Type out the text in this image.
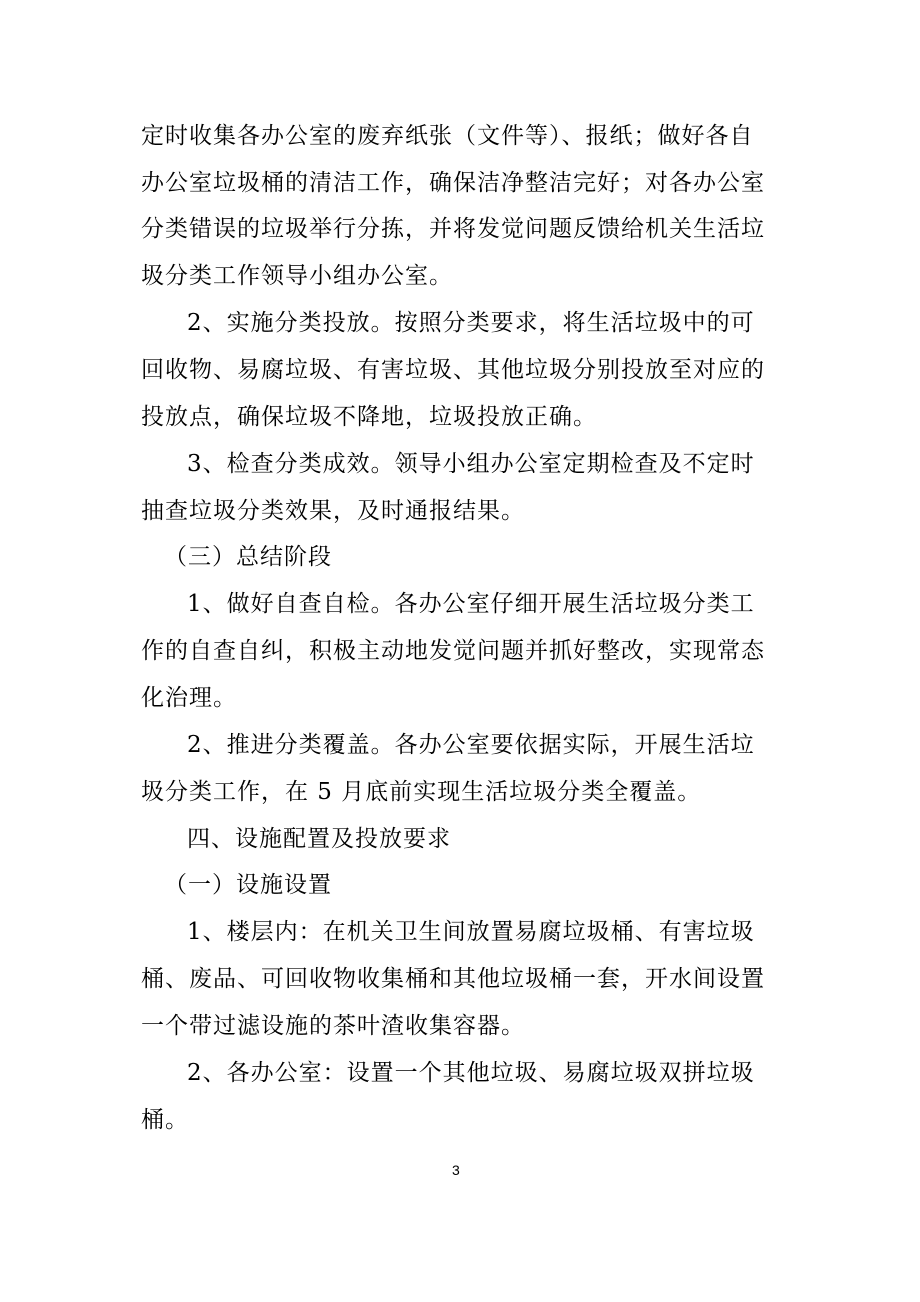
定时收集各办公室的废弃纸张（文件等）、报纸；做好各自
办公室垃圾桶的清洁工作，确保洁净整洁完好；对各办公室
分类错误的垃圾举行分拣，并将发觉问题反馈给机关生活垃
圾分类工作领导小组办公室。
2、实施分类投放。按照分类要求，将生活垃圾中的可
回收物、易腐垃圾、有害垃圾、其他垃圾分别投放至对应的
投放点，确保垃圾不降地，垃圾投放正确。
3、检查分类成效。领导小组办公室定期检查及不定时
抽查垃圾分类效果，及时通报结果。
（三）总结阶段
1、做好自查自检。各办公室仔细开展生活垃圾分类工
作的自查自纠，积极主动地发觉问题并抓好整改，实现常态
化治理。
2、推进分类覆盖。各办公室要依据实际，开展生活垃
圾分类工作，在 5 月底前实现生活垃圾分类全覆盖。
四、设施配置及投放要求
（一）设施设置
1、楼层内：在机关卫生间放置易腐垃圾桶、有害垃圾
桶、废品、可回收物收集桶和其他垃圾桶一套，开水间设置
一个带过滤设施的茶叶渣收集容器。
2、各办公室：设置一个其他垃圾、易腐垃圾双拼垃圾
桶。
3
